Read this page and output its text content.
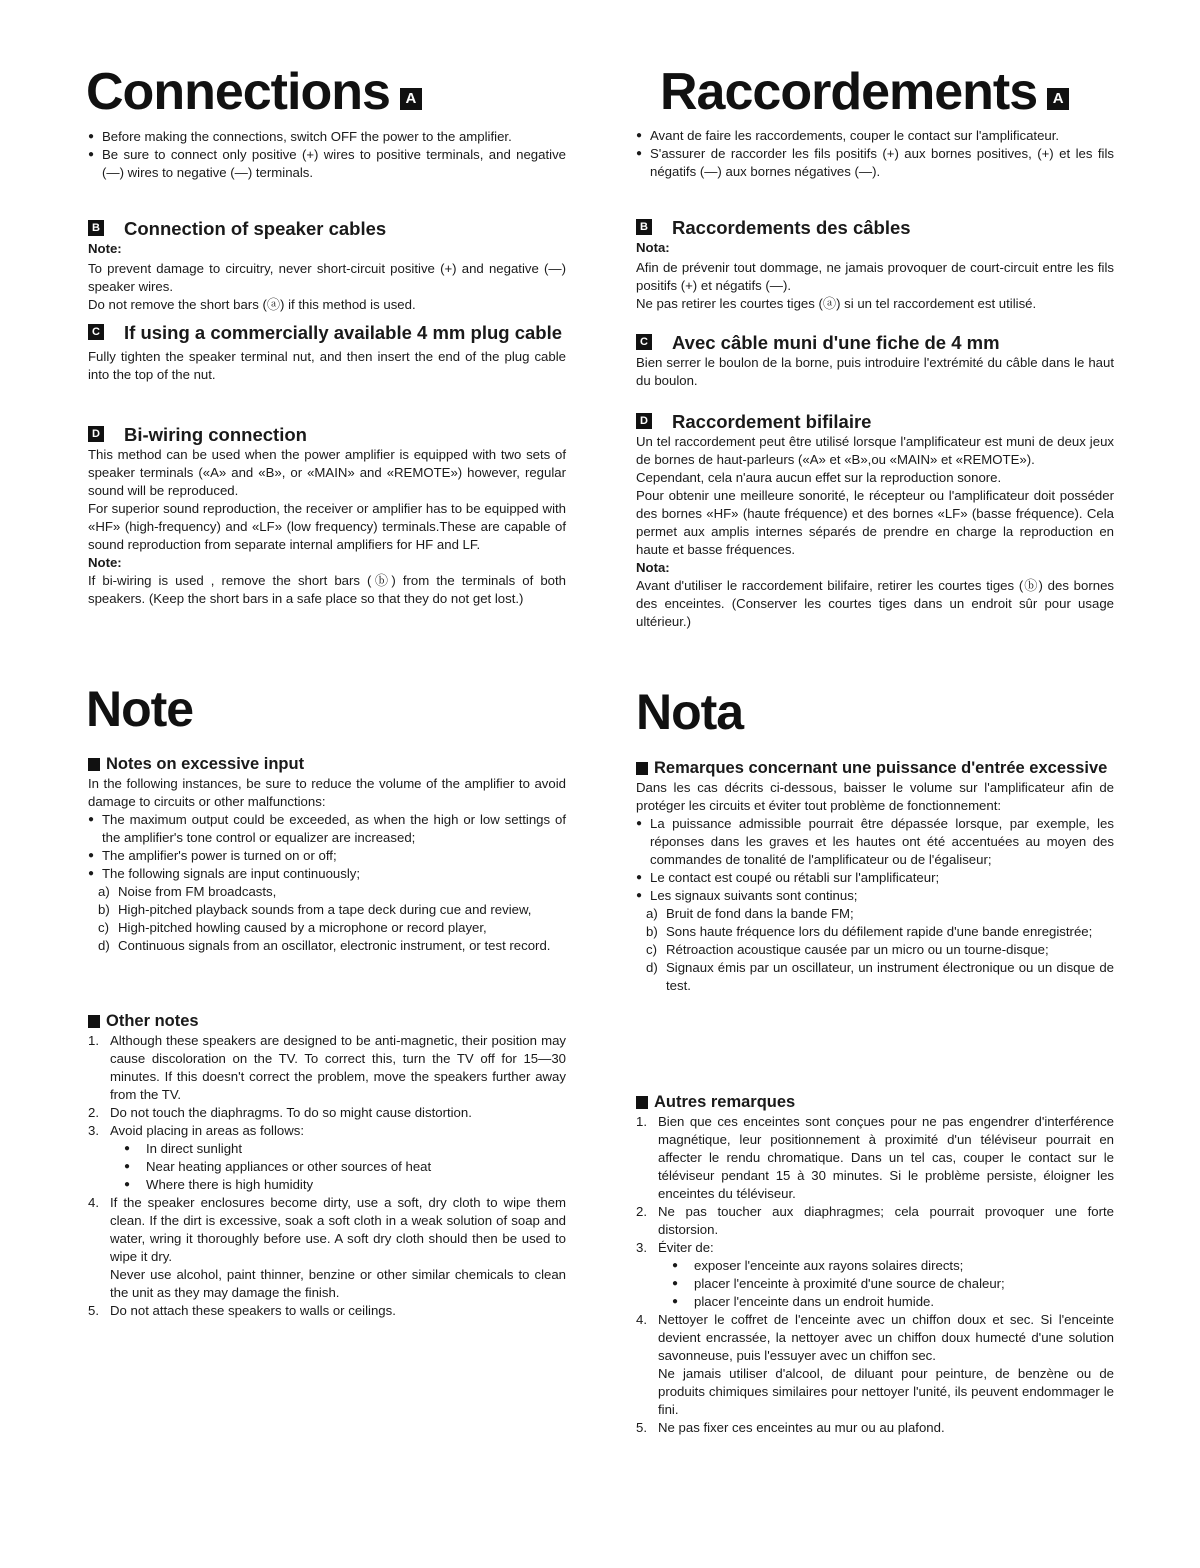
Connections A
● Before making the connections, switch OFF the power to the amplifier.
● Be sure to connect only positive (+) wires to positive terminals, and negative (—) wires to negative (—) terminals.
B Connection of speaker cables

Note:

To prevent damage to circuitry, never short-circuit positive (+) and negative (—) speaker wires.

Do not remove the short bars (ⓐ) if this method is used.

C If using a commercially available 4 mm plug cable

Fully tighten the speaker terminal nut, and then insert the end of the plug cable into the top of the nut.

D Bi-wiring connection

This method can be used when the power amplifier is equipped with two sets of speaker terminals («A» and «B», or «MAIN» and «REMOTE») however, regular sound will be reproduced.

For superior sound reproduction, the receiver or amplifier has to be equipped with «HF» (high-frequency) and «LF» (low frequency) terminals.These are capable of sound reproduction from separate internal amplifiers for HF and LF.

Note:

If bi-wiring is used , remove the short bars (ⓑ) from the terminals of both speakers. (Keep the short bars in a safe place so that they do not get lost.)

Note
Notes on excessive input

In the following instances, be sure to reduce the volume of the amplifier to avoid damage to circuits or other malfunctions:

● The maximum output could be exceeded, as when the high or low settings of the amplifier's tone control or equalizer are increased;
● The amplifier's power is turned on or off;
● The following signals are input continuously;
a) Noise from FM broadcasts,
b) High-pitched playback sounds from a tape deck during cue and review,
c) High-pitched howling caused by a microphone or record player,
d) Continuous signals from an oscillator, electronic instrument, or test record.
Other notes
1. Although these speakers are designed to be anti-magnetic, their position may cause discoloration on the TV. To correct this, turn the TV off for 15—30 minutes. If this doesn't correct the problem, move the speakers further away from the TV.
2. Do not touch the diaphragms. To do so might cause distortion.
3. Avoid placing in areas as follows:
● In direct sunlight
● Near heating appliances or other sources of heat
● Where there is high humidity
4. If the speaker enclosures become dirty, use a soft, dry cloth to wipe them clean. If the dirt is excessive, soak a soft cloth in a weak solution of soap and water, wring it thoroughly before use. A soft dry cloth should then be used to wipe it dry.
Never use alcohol, paint thinner, benzine or other similar chemicals to clean the unit as they may damage the finish.
5. Do not attach these speakers to walls or ceilings.
Raccordements A
● Avant de faire les raccordements, couper le contact sur l'amplificateur.
● S'assurer de raccorder les fils positifs (+) aux bornes positives, (+) et les fils négatifs (—) aux bornes négatives (—).
B Raccordements des câbles

Nota:

Afin de prévenir tout dommage, ne jamais provoquer de court-circuit entre les fils positifs (+) et négatifs (—).

Ne pas retirer les courtes tiges (ⓐ) si un tel raccordement est utilisé.

C Avec câble muni d'une fiche de 4 mm

Bien serrer le boulon de la borne, puis introduire l'extrémité du câble dans le haut du boulon.

D Raccordement bifilaire

Un tel raccordement peut être utilisé lorsque l'amplificateur est muni de deux jeux de bornes de haut-parleurs («A» et «B»,ou «MAIN» et «REMOTE»).

Cependant, cela n'aura aucun effet sur la reproduction sonore.

Pour obtenir une meilleure sonorité, le récepteur ou l'amplificateur doit posséder des bornes «HF» (haute fréquence) et des bornes «LF» (basse fréquence). Cela permet aux amplis internes séparés de prendre en charge la reproduction en haute et basse fréquences.

Nota:

Avant d'utiliser le raccordement bilifaire, retirer les courtes tiges (ⓑ) des bornes des enceintes. (Conserver les courtes tiges dans un endroit sûr pour usage ultérieur.)

Nota
Remarques concernant une puissance d'entrée excessive

Dans les cas décrits ci-dessous, baisser le volume sur l'amplificateur afin de protéger les circuits et éviter tout problème de fonctionnement:

● La puissance admissible pourrait être dépassée lorsque, par exemple, les réponses dans les graves et les hautes ont été accentuées au moyen des commandes de tonalité de l'amplificateur ou de l'égaliseur;
● Le contact est coupé ou rétabli sur l'amplificateur;
● Les signaux suivants sont continus;
a) Bruit de fond dans la bande FM;
b) Sons haute fréquence lors du défilement rapide d'une bande enregistrée;
c) Rétroaction acoustique causée par un micro ou un tourne-disque;
d) Signaux émis par un oscillateur, un instrument électronique ou un disque de test.
Autres remarques
1. Bien que ces enceintes sont conçues pour ne pas engendrer d'interférence magnétique, leur positionnement à proximité d'un téléviseur pourrait en affecter le rendu chromatique. Dans un tel cas, couper le contact sur le téléviseur pendant 15 à 30 minutes. Si le problème persiste, éloigner les enceintes du téléviseur.
2. Ne pas toucher aux diaphragmes; cela pourrait provoquer une forte distorsion.
3. Éviter de:
● exposer l'enceinte aux rayons solaires directs;
● placer l'enceinte à proximité d'une source de chaleur;
● placer l'enceinte dans un endroit humide.
4. Nettoyer le coffret de l'enceinte avec un chiffon doux et sec. Si l'enceinte devient encrassée, la nettoyer avec un chiffon doux humecté d'une solution savonneuse, puis l'essuyer avec un chiffon sec.
Ne jamais utiliser d'alcool, de diluant pour peinture, de benzène ou de produits chimiques similaires pour nettoyer l'unité, ils peuvent endommager le fini.
5. Ne pas fixer ces enceintes au mur ou au plafond.
